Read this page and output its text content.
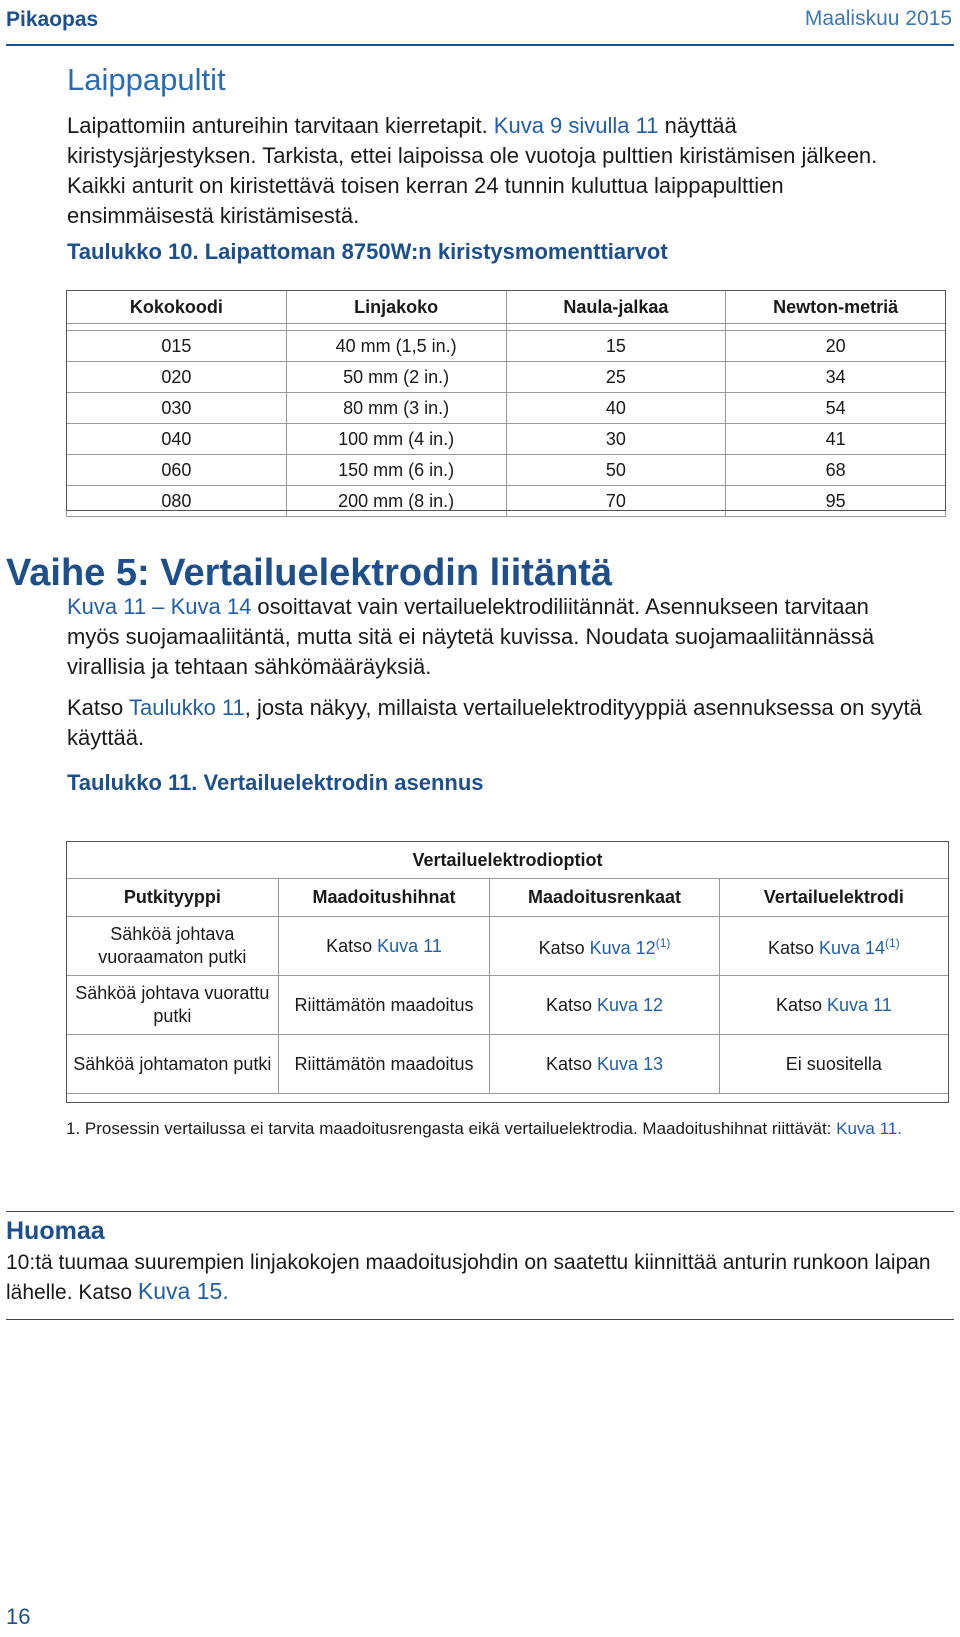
Pikaopas	Maaliskuu 2015
Laippapultit
Laipattomiin antureihin tarvitaan kierretapit. Kuva 9 sivulla 11 näyttää kiristysjärjestyksen. Tarkista, ettei laipoissa ole vuotoja pulttien kiristämisen jälkeen. Kaikki anturit on kiristettävä toisen kerran 24 tunnin kuluttua laippapulttien ensimmäisestä kiristämisestä.
Taulukko 10. Laipattoman 8750W:n kiristysmomenttiarvot
Kokokoodi	Linjakoko	Naula-jalkaa	Newton-metriä

015	40 mm (1,5 in.)	15	20
020	50 mm (2 in.)	25	34
030	80 mm (3 in.)	40	54
040	100 mm (4 in.)	30	41
060	150 mm (6 in.)	50	68
080	200 mm (8 in.)	70	95
Vaihe 5: Vertailuelektrodin liitäntä
Kuva 11 – Kuva 14 osoittavat vain vertailuelektrodiliitännät. Asennukseen tarvitaan myös suojamaaliitäntä, mutta sitä ei näytetä kuvissa. Noudata suojamaaliitännässä virallisia ja tehtaan sähkömääräyksiä.
Katso Taulukko 11, josta näkyy, millaista vertailuelektrodityyppiä asennuksessa on syytä käyttää.
Taulukko 11. Vertailuelektrodin asennus
Vertailuelektrodioptiot			
Putkityyppi	Maadoitushihnat	Maadoitusrenkaat	Vertailuelektrodi
Sähköä johtava vuoraamaton putki	Katso Kuva 11	Katso Kuva 12$^{(1)}$	Katso Kuva 14$^{(1)}$
Sähköä johtava vuorattu putki	Riittämätön maadoitus	Katso Kuva 12	Katso Kuva 11
Sähköä johtamaton putki	Riittämätön maadoitus	Katso Kuva 13	Ei suositella
1. Prosessin vertailussa ei tarvita maadoitusrengasta eikä vertailuelektrodia. Maadoitushihnat riittävät: Kuva 11.
Huomaa
10:tä tuumaa suurempien linjakokojen maadoitusjohdin on saatettu kiinnittää anturin runkoon laipan lähelle. Katso Kuva 15.
16
